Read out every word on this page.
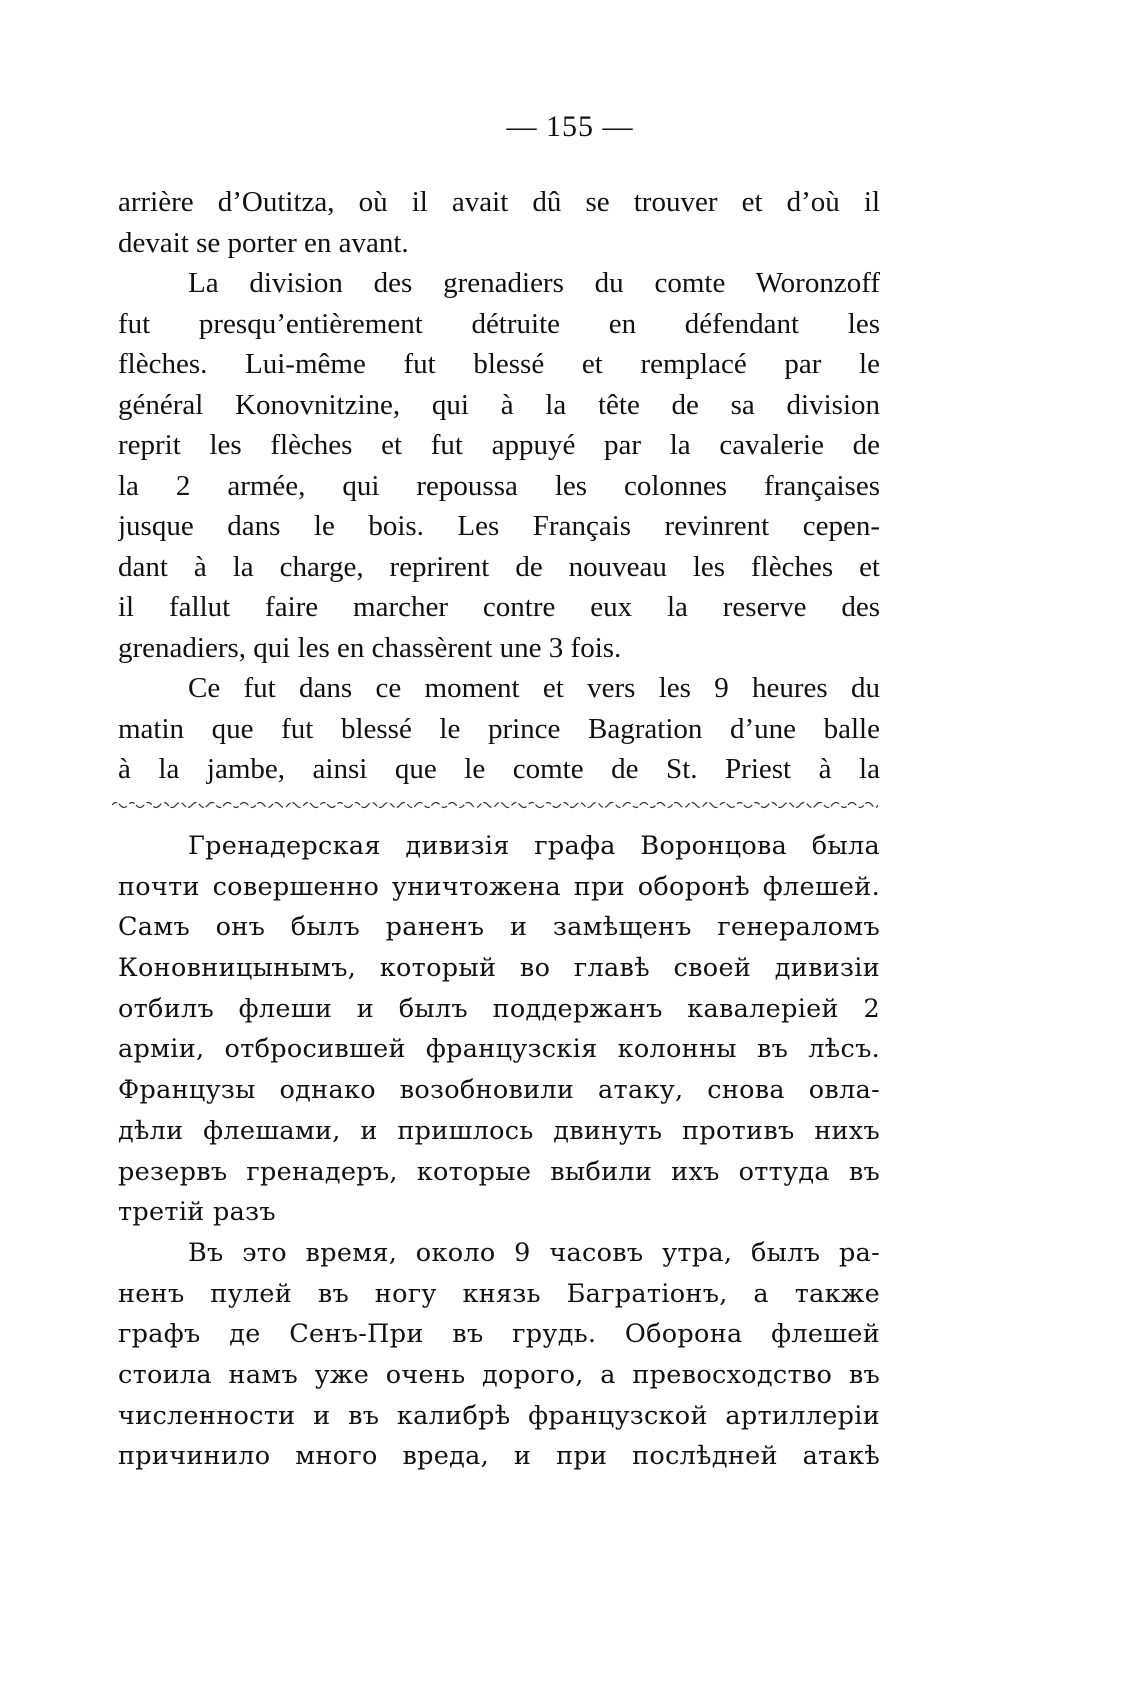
— 155 —
arrière d’Outitza, où il avait dû se trouver et d’où il
devait se porter en avant.
La division des grenadiers du comte Woronzoff
fut presqu’entièrement détruite en défendant les
flèches. Lui-même fut blessé et remplacé par le
général Konovnitzine, qui à la tête de sa division
reprit les flèches et fut appuyé par la cavalerie de
la 2 armée, qui repoussa les colonnes françaises
jusque dans le bois. Les Français revinrent cepen-
dant à la charge, reprirent de nouveau les flèches et
il fallut faire marcher contre eux la reserve des
grenadiers, qui les en chassèrent une 3 fois.
Ce fut dans ce moment et vers les 9 heures du
matin que fut blessé le prince Bagration d’une balle
à la jambe, ainsi que le comte de St. Priest à la
Гренадерская дивизія графа Воронцова была
почти совершенно уничтожена при оборонѣ флешей.
Самъ онъ былъ раненъ и замѣщенъ генераломъ
Коновницынымъ, который во главѣ своей дивизіи
отбилъ флеши и былъ поддержанъ кавалеріей 2
арміи, отбросившей французскія колонны въ лѣсъ.
Французы однако возобновили атаку, снова овла-
дѣли флешами, и пришлось двинуть противъ нихъ
резервъ гренадеръ, которые выбили ихъ оттуда въ
третій разъ
Въ это время, около 9 часовъ утра, былъ ра-
ненъ пулей въ ногу князь Багратіонъ, а также
графъ де Сенъ-При въ грудь. Оборона флешей
стоила намъ уже очень дорого, а превосходство въ
численности и въ калибрѣ французской артиллеріи
причинило много вреда, и при послѣдней атакѣ
